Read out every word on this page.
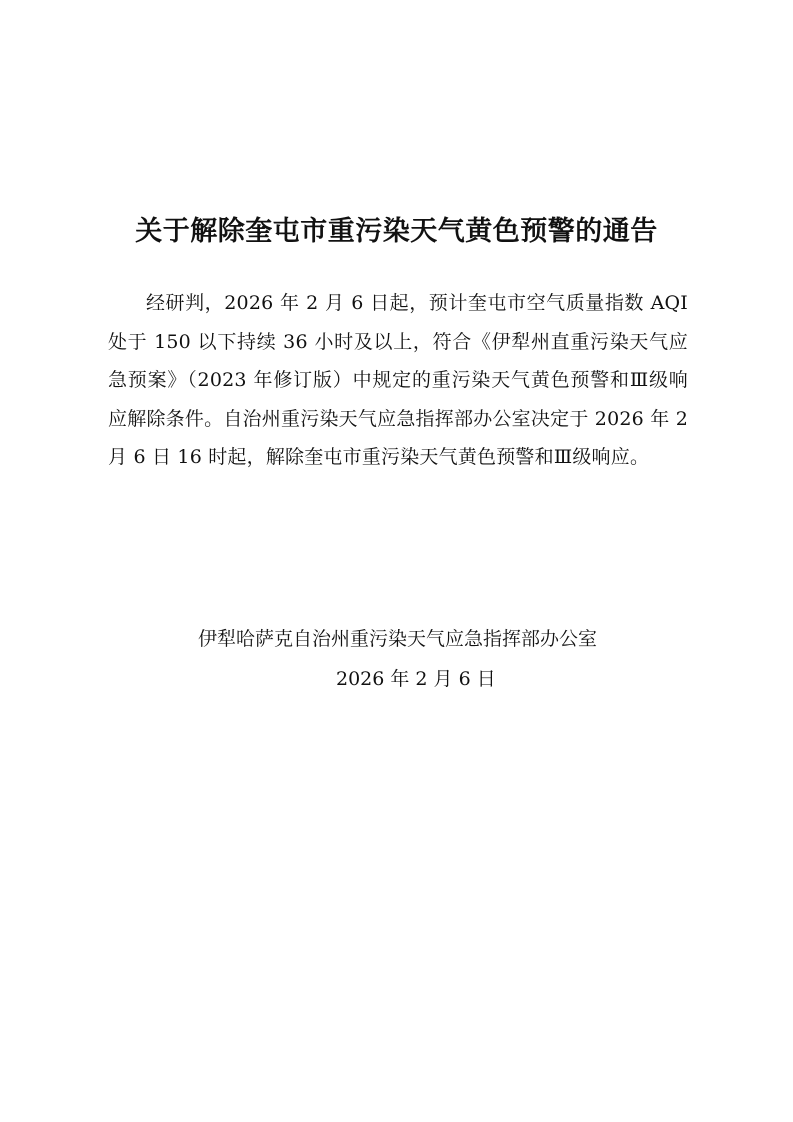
关于解除奎屯市重污染天气黄色预警的通告

经研判，2026 年 2 月 6 日起，预计奎屯市空气质量指数 AQI 处于 150 以下持续 36 小时及以上，符合《伊犁州直重污染天气应急预案》（2023 年修订版）中规定的重污染天气黄色预警和Ⅲ级响应解除条件。自治州重污染天气应急指挥部办公室决定于 2026 年 2 月 6 日 16 时起，解除奎屯市重污染天气黄色预警和Ⅲ级响应。

伊犁哈萨克自治州重污染天气应急指挥部办公室
2026 年 2 月 6 日
